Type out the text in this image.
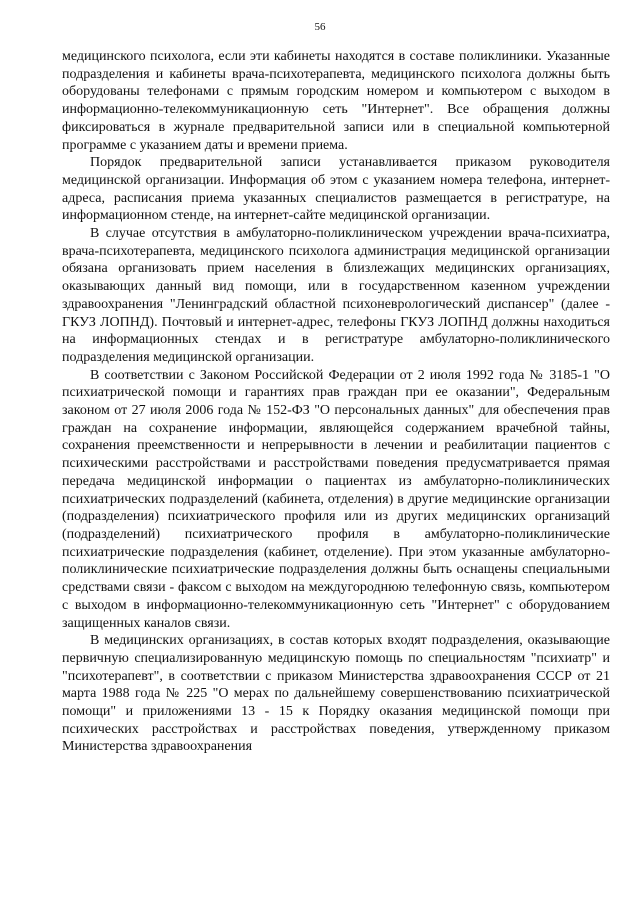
56

медицинского психолога, если эти кабинеты находятся в составе поликлиники. Указанные подразделения и кабинеты врача-психотерапевта, медицинского психолога должны быть оборудованы телефонами с прямым городским номером и компьютером с выходом в информационно-телекоммуникационную сеть "Интернет". Все обращения должны фиксироваться в журнале предварительной записи или в специальной компьютерной программе с указанием даты и времени приема.

Порядок предварительной записи устанавливается приказом руководителя медицинской организации. Информация об этом с указанием номера телефона, интернет-адреса, расписания приема указанных специалистов размещается в регистратуре, на информационном стенде, на интернет-сайте медицинской организации.

В случае отсутствия в амбулаторно-поликлиническом учреждении врача-психиатра, врача-психотерапевта, медицинского психолога администрация медицинской организации обязана организовать прием населения в близлежащих медицинских организациях, оказывающих данный вид помощи, или в государственном казенном учреждении здравоохранения "Ленинградский областной психоневрологический диспансер" (далее - ГКУЗ ЛОПНД). Почтовый и интернет-адрес, телефоны ГКУЗ ЛОПНД должны находиться на информационных стендах и в регистратуре амбулаторно-поликлинического подразделения медицинской организации.

В соответствии с Законом Российской Федерации от 2 июля 1992 года № 3185-1 "О психиатрической помощи и гарантиях прав граждан при ее оказании", Федеральным законом от 27 июля 2006 года № 152-ФЗ "О персональных данных" для обеспечения прав граждан на сохранение информации, являющейся содержанием врачебной тайны, сохранения преемственности и непрерывности в лечении и реабилитации пациентов с психическими расстройствами и расстройствами поведения предусматривается прямая передача медицинской информации о пациентах из амбулаторно-поликлинических психиатрических подразделений (кабинета, отделения) в другие медицинские организации (подразделения) психиатрического профиля или из других медицинских организаций (подразделений) психиатрического профиля в амбулаторно-поликлинические психиатрические подразделения (кабинет, отделение). При этом указанные амбулаторно-поликлинические психиатрические подразделения должны быть оснащены специальными средствами связи - факсом с выходом на междугороднюю телефонную связь, компьютером с выходом в информационно-телекоммуникационную сеть "Интернет" с оборудованием защищенных каналов связи.

В медицинских организациях, в состав которых входят подразделения, оказывающие первичную специализированную медицинскую помощь по специальностям "психиатр" и "психотерапевт", в соответствии с приказом Министерства здравоохранения СССР от 21 марта 1988 года № 225 "О мерах по дальнейшему совершенствованию психиатрической помощи" и приложениями 13 - 15 к Порядку оказания медицинской помощи при психических расстройствах и расстройствах поведения, утвержденному приказом Министерства здравоохранения
